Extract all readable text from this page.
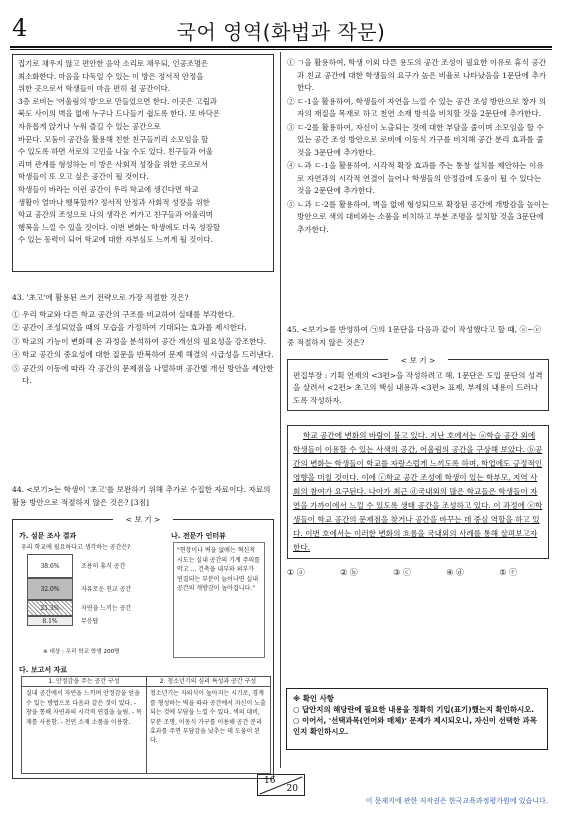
4	국어 영역(화법과 작문)

집기로 채우지 않고 편안한 음악 소리로 채우되, 인공조명은

최소화한다. 마음을 다독일 수 있는 이 방은 정서적 안정을

위한 곳으로서 학생들이 마음 편히 쉴 공간이다.

3층 로비는 '어울림의 방'으로 만들었으면 한다. 이곳은 고립과

북도 사이의 벽을 없애 누구나 드나들기 쉽도록 한다. 또 바닥은

자유롭게 앉거나 누워 즐길 수 있는 공간으로

바꾼다. 모둠이 공간을 활용해 친한 친구들끼리 소모임을 할

수 있도록 하면 서로의 고민을 나눌 수도 있다. 친구들과 어울

리며 관계를 형성하는 이 방은 사회적 성장을 위한 곳으로서

학생들이 또 오고 싶은 공간이 될 것이다.

학생들이 바라는 이런 공간이 우리 학교에 생긴다면 학교

생활이 얼마나 행복할까? 정서적 안정과 사회적 성장을 위한

학교 공간의 조성으로 나의 생각은 커가고 친구들과 어울리며

행복을 느낄 수 있을 것이다. 이번 변화는 학생에도 더욱 성장할

수 있는 동력이 되어 학교에 대한 자부심도 느끼게 될 것이다.

43. '초고'에 활용된 쓰기 전략으로 가장 적절한 것은?

① 우리 학교와 다른 학교 공간의 구조를 비교하여 실태를 부각한다.

② 공간이 조성되었을 때의 모습을 가정하여 기대되는 효과를 제시한다.

③ 학교의 기능이 변화해 온 과정을 분석하여 공간 개선의 필요성을 강조한다.

④ 학교 공간의 중요성에 대한 질문을 반복하여 문제 해결의 시급성을 드러낸다.

⑤ 공간의 이동에 따라 각 공간의 문제점을 나열하며 공간별 개선 방안을 제안한다.

44. <보기>는 학생이 '초고'를 보완하기 위해 추가로 수집한 자료이다. 자료의 활용 방안으로 적절하지 않은 것은? [3점]

< 보 기 >
가. 설문 조사 결과
우리 학교에 필요하다고 생각하는 공간은?
38.6%	조용히 휴식 공간
32.0%	자유로운 친교 공간
21.3%	자연을 느끼는 공간
8.1%	무응답
※ 대상 : 우리 학교 학생 200명
나. 전문가 인터뷰
"현장이나 벽을 없애는 혁신적 시도는 실내 공간의 기계 주의를 막고 ... 건축을 내부와 외부가 연결되는 부분이 늘어나면 실내 공간의 개방감이 높아집니다."
다. 보고서 자료
1. 안정감을 주는 공간 구성
실내 공간에서 자연을 느끼며 안정감을 얻을 수 있는 방법으로 다음과 같은 것이 있다. - 창을 통해 자연과의 시각적 연결을 늘림. - 목재를 사용함. - 천연 소재 소품을 이용함.
2. 청소년기의 심리 특성과 공간 구성
청소년기는 자의식이 높아지는 시기로, 경계를 형성하는 벽을 따라 공간에서 자신이 노출되는 것에 부담을 느낄 수 있다. 색의 대비, 부분 조명, 이동식 가구를 이용해 공간 분리 효과를 주면 부담감을 낮추는 데 도움이 된다.

① ㄱ을 활용하여, 학생 이외 다른 용도의 공간 조성이 필요한 이유로 휴식 공간과 친교 공간에 대한 학생들의 요구가 높은 비율로 나타났음을 1문단에 추가한다.

② ㄷ-1을 활용하여, 학생들이 자연을 느낄 수 있는 공간 조성 방안으로 창가 의자의 재질을 목재로 하고 천연 소재 방석을 비치할 것을 2문단에 추가한다.

③ ㄷ-2를 활용하여, 자신이 노출되는 것에 대한 부담을 줄이며 소모임을 할 수 있는 공간 조성 방안으로 로비에 이동식 가구를 비치해 공간 분리 효과를 줄 것을 3문단에 추가한다.

④ ㄴ과 ㄷ-1을 활용하여, 시각적 확장 효과를 주는 통창 설치를 제안하는 이유로 자연과의 시각적 연결이 늘어나 학생들의 안정감에 도움이 될 수 있다는 것을 2문단에 추가한다.

⑤ ㄴ과 ㄷ-2를 활용하여, 벽을 없애 형성되므로 확장된 공간에 개방감을 높이는 방안으로 색의 대비와는 소품을 비치하고 부분 조명을 설치할 것을 3문단에 추가한다.

45. <보기>를 반영하여 ㉠의 1문단을 다음과 같이 작성했다고 할 때, ⓐ~ⓔ 중 적절하지 않은 것은?

< 보 기 >

편집부장 : 기획 연재의 <3편>을 작성하려고 해. 1문단은 도입 문단의 성격을 살려서 <2편> 초고의 핵심 내용과 <3편> 표제, 부제의 내용이 드러나도록 작성하자.

학교 공간에 변화의 바람이 불고 있다. 지난 호에서는 ⓐ학습 공간 외에 학생들이 이용할 수 있는 사색의 공간, 어울림의 공간을 구상해 보았다. ⓑ공간의 변화는 학생들이 학교를 자랑스럽게 느끼도록 하며, 학업에도 긍정적인 영향을 미칠 것이다. 이에 ⓒ학교 공간 조성에 학생이 있는 학부모, 지역 사회의 참여가 요구된다. 나아가 최근 ⓓ국내외의 많은 학교들은 학생들이 자연을 가까이에서 느낄 수 있도록 생태 공간을 조성하고 있다. 이 과정에 ⓔ학생들이 학교 공간의 문제점을 찾거나 공간을 바꾸는 데 중심 역할을 하고 있다. 이번 호에서는 이러한 변화의 흐름을 국내외의 사례를 통해 살펴보고자 한다.

① ⓐ	② ⓑ	③ ⓒ	④ ⓓ	⑤ ⓔ
※ 확인 사항
○ 답안지의 해당란에 필요한 내용을 정확히 기입(표기)했는지 확인하시오.
○ 이어서, '선택과목(언어와 매체)' 문제가 제시되오니, 자신이 선택한 과목인지 확인하시오.
16
20
이 문제지에 관한 저작권은 한국교육과정평가원에 있습니다.
